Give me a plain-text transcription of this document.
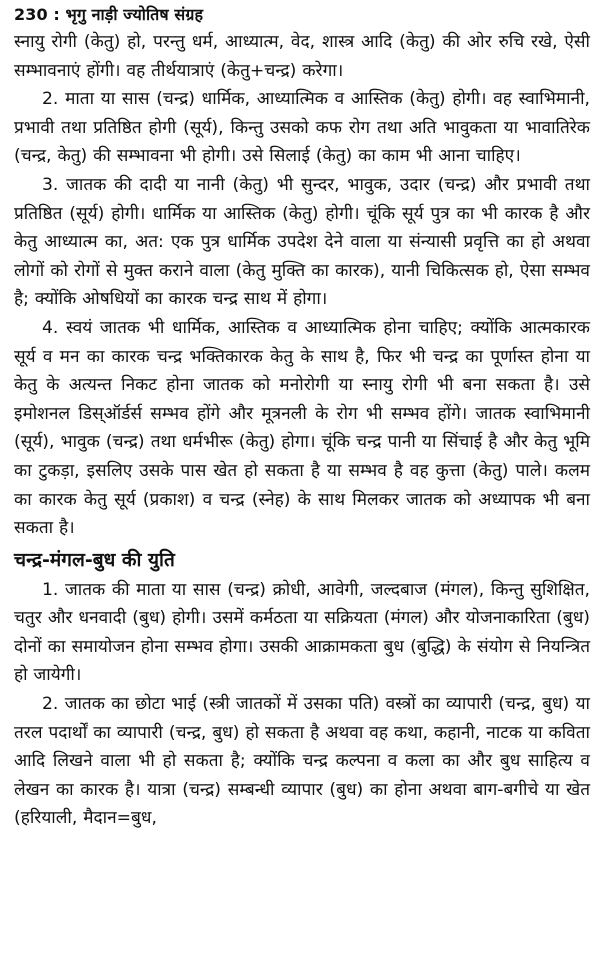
230 : भृगु नाड़ी ज्योतिष संग्रह

स्नायु रोगी (केतु) हो, परन्तु धर्म, आध्यात्म, वेद, शास्त्र आदि (केतु) की ओर रुचि रखे, ऐसी सम्भावनाएं होंगी। वह तीर्थयात्राएं (केतु+चन्द्र) करेगा।

2. माता या सास (चन्द्र) धार्मिक, आध्यात्मिक व आस्तिक (केतु) होगी। वह स्वाभिमानी, प्रभावी तथा प्रतिष्ठित होगी (सूर्य), किन्तु उसको कफ रोग तथा अति भावुकता या भावातिरेक (चन्द्र, केतु) की सम्भावना भी होगी। उसे सिलाई (केतु) का काम भी आना चाहिए।

3. जातक की दादी या नानी (केतु) भी सुन्दर, भावुक, उदार (चन्द्र) और प्रभावी तथा प्रतिष्ठित (सूर्य) होगी। धार्मिक या आस्तिक (केतु) होगी। चूंकि सूर्य पुत्र का भी कारक है और केतु आध्यात्म का, अत: एक पुत्र धार्मिक उपदेश देने वाला या संन्यासी प्रवृत्ति का हो अथवा लोगों को रोगों से मुक्त कराने वाला (केतु मुक्ति का कारक), यानी चिकित्सक हो, ऐसा सम्भव है; क्योंकि ओषधियों का कारक चन्द्र साथ में होगा।

4. स्वयं जातक भी धार्मिक, आस्तिक व आध्यात्मिक होना चाहिए; क्योंकि आत्मकारक सूर्य व मन का कारक चन्द्र भक्तिकारक केतु के साथ है, फिर भी चन्द्र का पूर्णास्त होना या केतु के अत्यन्त निकट होना जातक को मनोरोगी या स्नायु रोगी भी बना सकता है। उसे इमोशनल डिस्ऑर्डर्स सम्भव होंगे और मूत्रनली के रोग भी सम्भव होंगे। जातक स्वाभिमानी (सूर्य), भावुक (चन्द्र) तथा धर्मभीरू (केतु) होगा। चूंकि चन्द्र पानी या सिंचाई है और केतु भूमि का टुकड़ा, इसलिए उसके पास खेत हो सकता है या सम्भव है वह कुत्ता (केतु) पाले। कलम का कारक केतु सूर्य (प्रकाश) व चन्द्र (स्नेह) के साथ मिलकर जातक को अध्यापक भी बना सकता है।

चन्द्र-मंगल-बुध की युति

1. जातक की माता या सास (चन्द्र) क्रोधी, आवेगी, जल्दबाज (मंगल), किन्तु सुशिक्षित, चतुर और धनवादी (बुध) होगी। उसमें कर्मठता या सक्रियता (मंगल) और योजनाकारिता (बुध) दोनों का समायोजन होना सम्भव होगा। उसकी आक्रामकता बुध (बुद्धि) के संयोग से नियन्त्रित हो जायेगी।

2. जातक का छोटा भाई (स्त्री जातकों में उसका पति) वस्त्रों का व्यापारी (चन्द्र, बुध) या तरल पदार्थों का व्यापारी (चन्द्र, बुध) हो सकता है अथवा वह कथा, कहानी, नाटक या कविता आदि लिखने वाला भी हो सकता है; क्योंकि चन्द्र कल्पना व कला का और बुध साहित्य व लेखन का कारक है। यात्रा (चन्द्र) सम्बन्धी व्यापार (बुध) का होना अथवा बाग-बगीचे या खेत (हरियाली, मैदान=बुध,
